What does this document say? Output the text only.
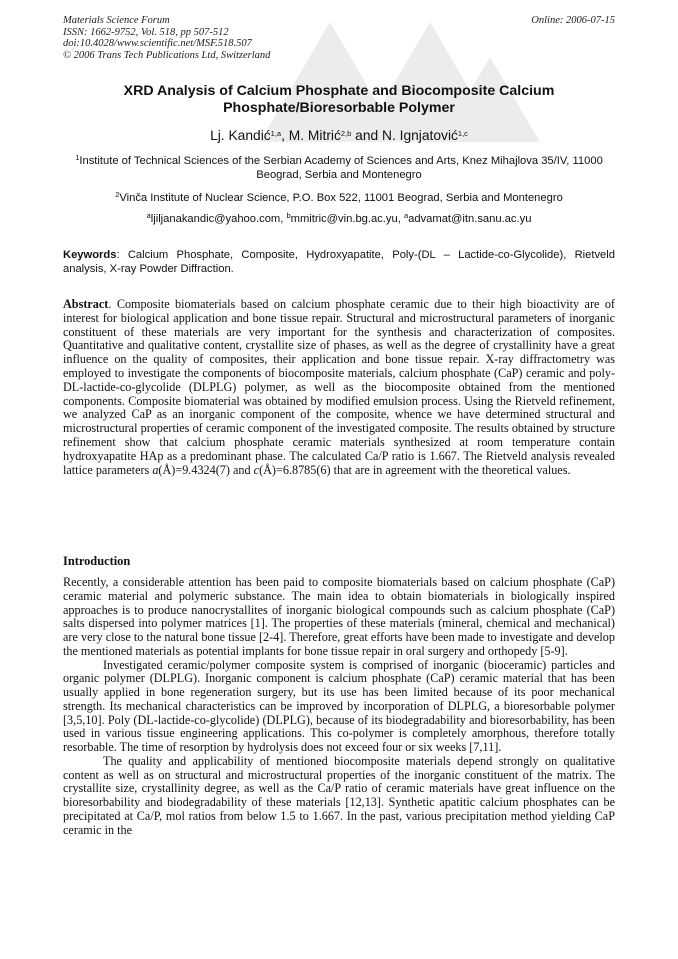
Materials Science Forum
ISSN: 1662-9752, Vol. 518, pp 507-512
doi:10.4028/www.scientific.net/MSF.518.507
© 2006 Trans Tech Publications Ltd, Switzerland
Online: 2006-07-15
XRD Analysis of Calcium Phosphate and Biocomposite Calcium Phosphate/Bioresorbable Polymer
Lj. Kandić$^{1,a}$, M. Mitrić$^{2,b}$ and N. Ignjatović$^{1,c}$
$^1$Institute of Technical Sciences of the Serbian Academy of Sciences and Arts, Knez Mihajlova 35/IV, 11000 Beograd, Serbia and Montenegro
$^2$Vinča Institute of Nuclear Science, P.O. Box 522, 11001 Beograd, Serbia and Montenegro
$^a$ljiljanakandic@yahoo.com, $^b$mmitric@vin.bg.ac.yu, $^a$advamat@itn.sanu.ac.yu
Keywords: Calcium Phosphate, Composite, Hydroxyapatite, Poly-(DL – Lactide-co-Glycolide), Rietveld analysis, X-ray Powder Diffraction.
Abstract. Composite biomaterials based on calcium phosphate ceramic due to their high bioactivity are of interest for biological application and bone tissue repair. Structural and microstructural parameters of inorganic constituent of these materials are very important for the synthesis and characterization of composites. Quantitative and qualitative content, crystallite size of phases, as well as the degree of crystallinity have a great influence on the quality of composites, their application and bone tissue repair. X-ray diffractometry was employed to investigate the components of biocomposite materials, calcium phosphate (CaP) ceramic and poly-DL-lactide-co-glycolide (DLPLG) polymer, as well as the biocomposite obtained from the mentioned components. Composite biomaterial was obtained by modified emulsion process. Using the Rietveld refinement, we analyzed CaP as an inorganic component of the composite, whence we have determined structural and microstructural properties of ceramic component of the investigated composite. The results obtained by structure refinement show that calcium phosphate ceramic materials synthesized at room temperature contain hydroxyapatite HAp as a predominant phase. The calculated Ca/P ratio is 1.667. The Rietveld analysis revealed lattice parameters a(Å)=9.4324(7) and c(Å)=6.8785(6) that are in agreement with the theoretical values.
Introduction

Recently, a considerable attention has been paid to composite biomaterials based on calcium phosphate (CaP) ceramic material and polymeric substance. The main idea to obtain biomaterials in biologically inspired approaches is to produce nanocrystallites of inorganic biological compounds such as calcium phosphate (CaP) salts dispersed into polymer matrices [1]. The properties of these materials (mineral, chemical and mechanical) are very close to the natural bone tissue [2-4]. Therefore, great efforts have been made to investigate and develop the mentioned materials as potential implants for bone tissue repair in oral surgery and orthopedy [5-9].

Investigated ceramic/polymer composite system is comprised of inorganic (bioceramic) particles and organic polymer (DLPLG). Inorganic component is calcium phosphate (CaP) ceramic material that has been usually applied in bone regeneration surgery, but its use has been limited because of its poor mechanical strength. Its mechanical characteristics can be improved by incorporation of DLPLG, a bioresorbable polymer [3,5,10]. Poly (DL-lactide-co-glycolide) (DLPLG), because of its biodegradability and bioresorbability, has been used in various tissue engineering applications. This co-polymer is completely amorphous, therefore totally resorbable. The time of resorption by hydrolysis does not exceed four or six weeks [7,11].

The quality and applicability of mentioned biocomposite materials depend strongly on qualitative content as well as on structural and microstructural properties of the inorganic constituent of the matrix. The crystallite size, crystallinity degree, as well as the Ca/P ratio of ceramic materials have great influence on the bioresorbability and biodegradability of these materials [12,13]. Synthetic apatitic calcium phosphates can be precipitated at Ca/P, mol ratios from below 1.5 to 1.667. In the past, various precipitation method yielding CaP ceramic in the
